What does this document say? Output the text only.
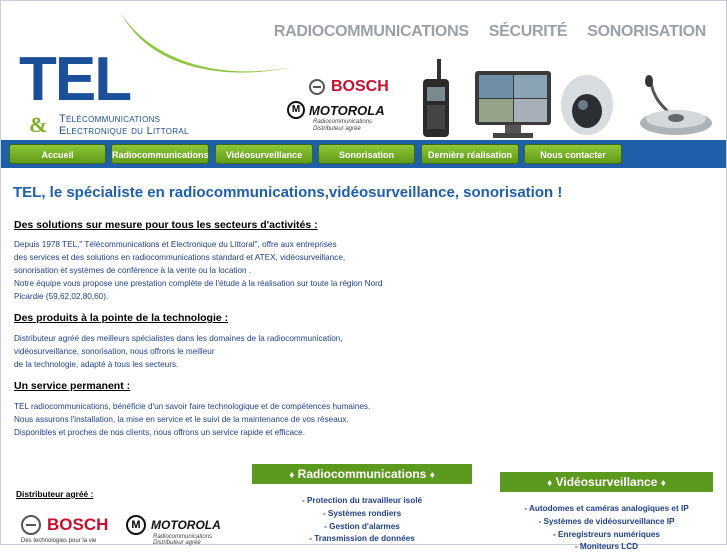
TEL
& Télécommunications
Electronique du Littoral
RADIOCOMMUNICATIONS SÉCURITÉ SONORISATION
BOSCH
M MOTOROLA
Radiocommunications
Distributeur agréé
Accueil	Radiocommunications	Vidéosurveillance	Sonorisation	Dernière réalisation	Nous contacter
TEL, le spécialiste en radiocommunications,vidéosurveillance, sonorisation !
Des solutions sur mesure pour tous les secteurs d'activités :
Depuis 1978 TEL," Télécommunications et Electronique du Littoral", offre aux entreprises
des services et des solutions en radiocommunications standard et ATEX, vidéosurveillance,
sonorisation et systèmes de conférence à la vente ou la location .
Notre équipe vous propose une prestation complète de l'étude à la réalisation sur toute la région Nord
Picardie (59,62,02,80,60).
Des produits à la pointe de la technologie :
Distributeur agréé des meilleurs spécialistes dans les domaines de la radiocommunication,
vidéosurveillance, sonorisation, nous offrons le meilleur
de la technologie, adapté à tous les secteurs.
Un service permanent :
TEL radiocommunications, bénéficie d'un savoir faire technologique et de compétences humaines.
Nous assurons l'installation, la mise en service et le suivi de la maintenance de vos réseaux.
Disponibles et proches de nos clients, nous offrons un service rapide et efficace.
Distributeur agréé :
BOSCH
Des technologies pour la vie
M MOTOROLA
Radiocommunications
Distributeur agréé
♦ Radiocommunications ♦
- Protection du travailleur isolé
- Systèmes rondiers
- Gestion d'alarmes
- Transmission de données
♦ Vidéosurveillance ♦
- Autodomes et caméras analogiques et IP
- Systèmes de vidéosurveillance IP
- Enregistreurs numériques
- Moniteurs LCD
